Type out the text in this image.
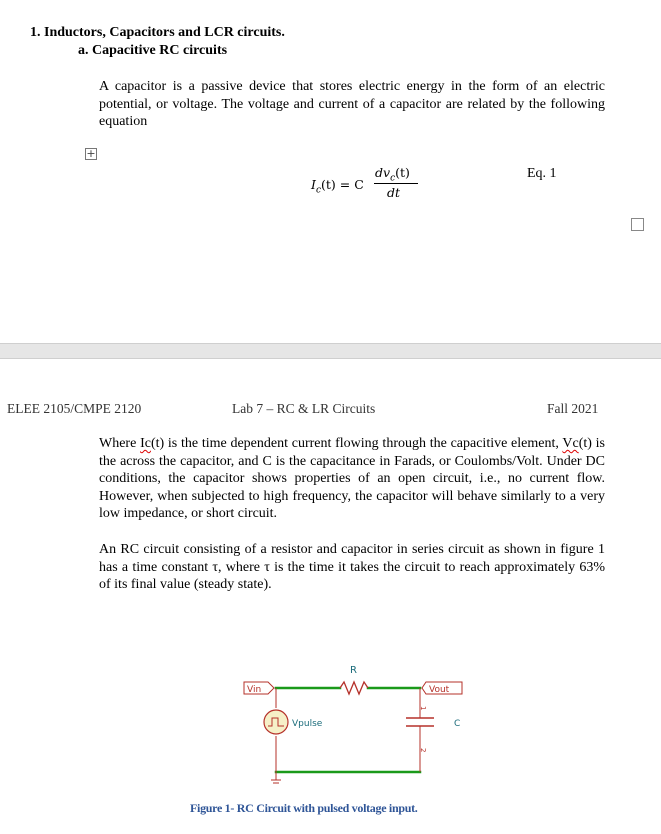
1. Inductors, Capacitors and LCR circuits.
a. Capacitive RC circuits
A capacitor is a passive device that stores electric energy in the form of an electric potential, or voltage. The voltage and current of a capacitor are related by the following equation
+
$I_c(t) = C$
$dv_c(t)$
dt
Eq. 1
ELEE 2105/CMPE 2120	Lab 7 – RC & LR Circuits	Fall 2021
Where Ic(t) is the time dependent current flowing through the capacitive element, Vc(t) is the across the capacitor, and C is the capacitance in Farads, or Coulombs/Volt. Under DC conditions, the capacitor shows properties of an open circuit, i.e., no current flow. However, when subjected to high frequency, the capacitor will behave similarly to a very low impedance, or short circuit.
An RC circuit consisting of a resistor and capacitor in series circuit as shown in figure 1 has a time constant τ, where τ is the time it takes the circuit to reach approximately 63% of its final value (steady state).
R
Vin
Vpulse
Vout
C
1
2
Figure 1- RC Circuit with pulsed voltage input.
